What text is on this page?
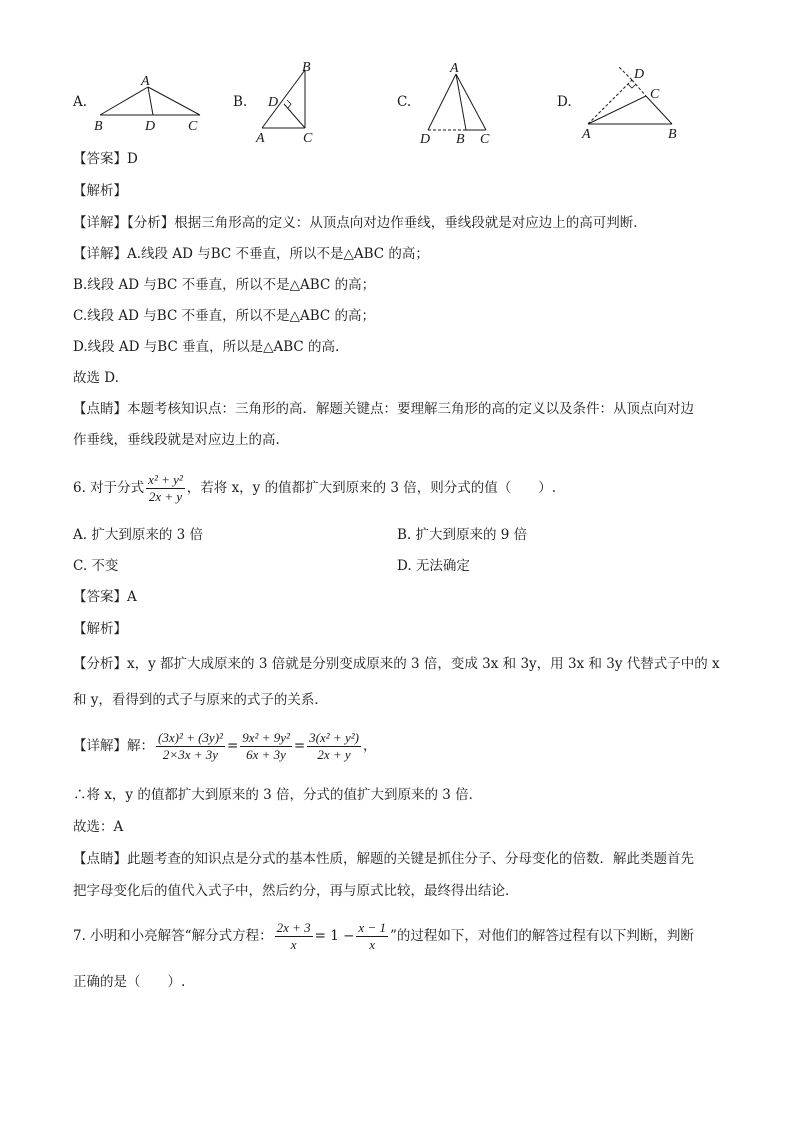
A.
A
B	D C
B.
B
D
A	C
C.
A
D B C
D.
D
C
A	B
【答案】D
【解析】
【详解】【分析】根据三角形高的定义：从顶点向对边作垂线，垂线段就是对应边上的高可判断.
【详解】A.线段 AD 与BC 不垂直，所以不是△ABC 的高；
B.线段 AD 与BC 不垂直，所以不是△ABC 的高；
C.线段 AD 与BC 不垂直，所以不是△ABC 的高；
D.线段 AD 与BC 垂直，所以是△ABC 的高.
故选 D.
【点睛】本题考核知识点：三角形的高．解题关键点：要理解三角形的高的定义以及条件：从顶点向对边
作垂线，垂线段就是对应边上的高.
6. 对于分式 $\frac{\text{x² + y²}}{2x + y}$ ，若将 x，y 的值都扩大到原来的 3 倍，则分式的值（　　）.
A. 扩大到原来的 3 倍	B. 扩大到原来的 9 倍
C. 不变	D. 无法确定
【答案】A
【解析】
【分析】x，y 都扩大成原来的 3 倍就是分别变成原来的 3 倍，变成 3x 和 3y，用 3x 和 3y 代替式子中的 x
和 y，看得到的式子与原来的式子的关系．
【详解】解： $\frac{\text{(3x)² + (3y)²}}{2\times 3x + 3y} = \frac{\text{9x² + 9y²}}{6x + 3y} = \frac{\text{3(x² + y²)}}{2x + y}$ ，
∴将 x，y 的值都扩大到原来的 3 倍，分式的值扩大到原来的 3 倍．
故选：A
【点睛】此题考查的知识点是分式的基本性质，解题的关键是抓住分子、分母变化的倍数．解此类题首先
把字母变化后的值代入式子中，然后约分，再与原式比较，最终得出结论．
7. 小明和小亮解答“解分式方程： $\frac{2x + 3}{x} = 1 - \frac{x - 1}{x}$ ”的过程如下，对他们的解答过程有以下判断，判断
正确的是（　　）.
